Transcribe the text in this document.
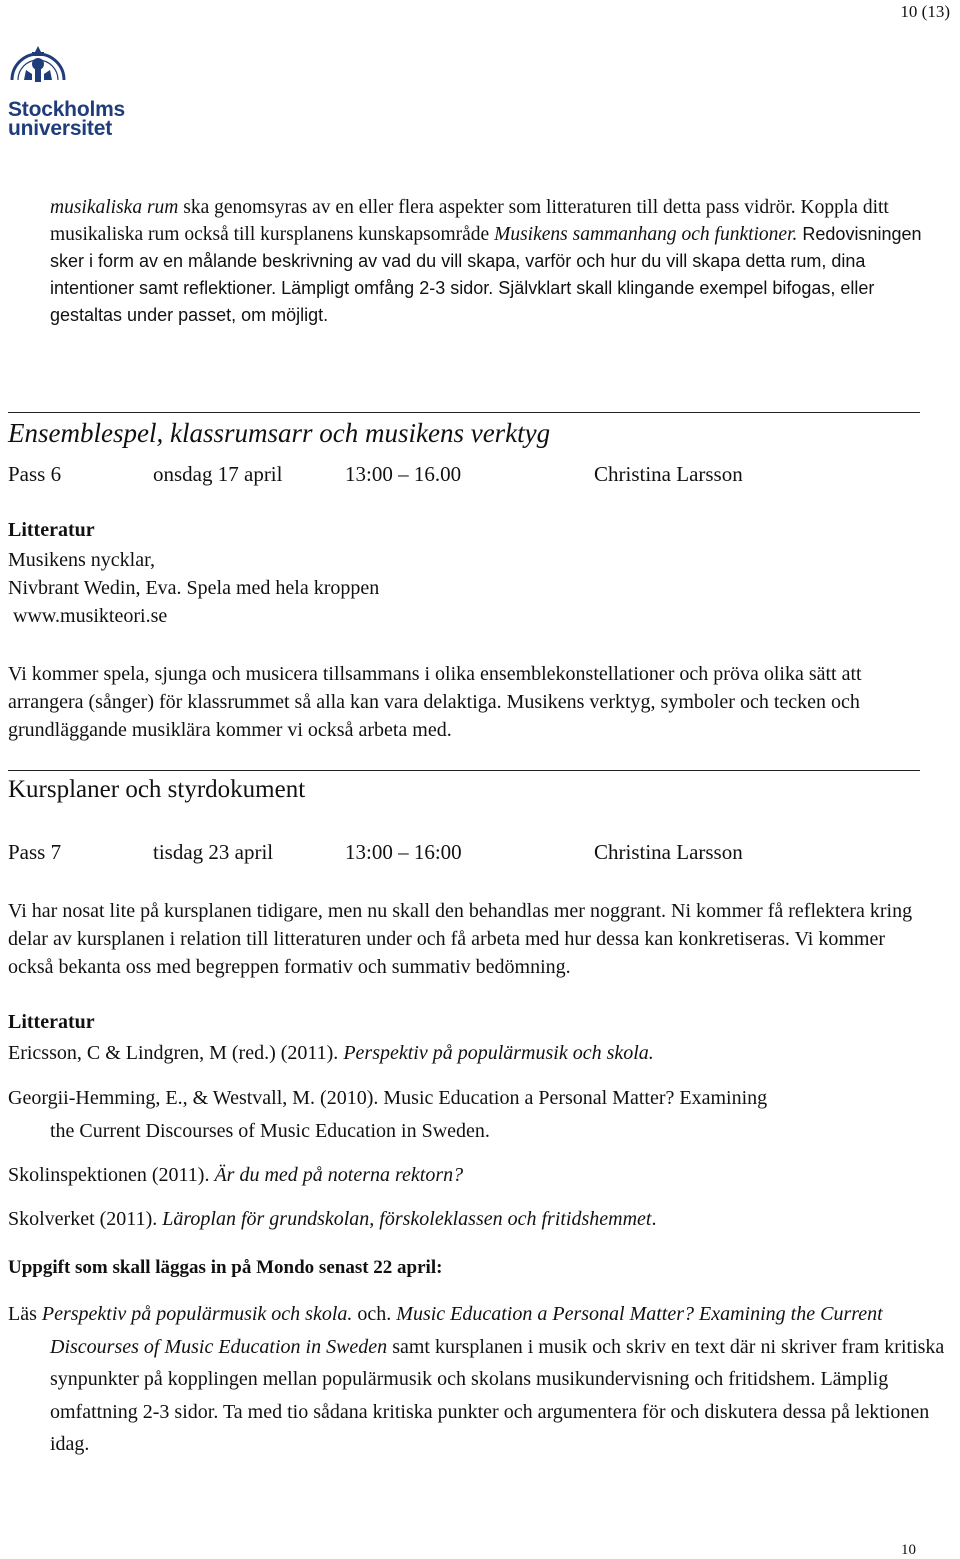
10 (13)
Stockholms
universitet
musikaliska rum ska genomsyras av en eller flera aspekter som litteraturen till detta pass vidrör. Koppla ditt musikaliska rum också till kursplanens kunskapsområde Musikens sammanhang och funktioner. Redovisningen sker i form av en målande beskrivning av vad du vill skapa, varför och hur du vill skapa detta rum, dina intentioner samt reflektioner. Lämpligt omfång 2-3 sidor. Självklart skall klingande exempel bifogas, eller gestaltas under passet, om möjligt.
Ensemblespel, klassrumsarr och musikens verktyg
Pass 6	onsdag 17 april	13:00 – 16.00	Christina Larsson
Litteratur
Musikens nycklar,
Nivbrant Wedin, Eva. Spela med hela kroppen
www.musikteori.se
Vi kommer spela, sjunga och musicera tillsammans i olika ensemblekonstellationer och pröva olika sätt att arrangera (sånger) för klassrummet så alla kan vara delaktiga. Musikens verktyg, symboler och tecken och grundläggande musiklära kommer vi också arbeta med.
Kursplaner och styrdokument
Pass 7	tisdag 23 april	13:00 – 16:00	Christina Larsson
Vi har nosat lite på kursplanen tidigare, men nu skall den behandlas mer noggrant. Ni kommer få reflektera kring delar av kursplanen i relation till litteraturen under och få arbeta med hur dessa kan konkretiseras. Vi kommer också bekanta oss med begreppen formativ och summativ bedömning.
Litteratur
Ericsson, C & Lindgren, M (red.) (2011). Perspektiv på populärmusik och skola.
Georgii-Hemming, E., & Westvall, M. (2010). Music Education a Personal Matter? Examining
the Current Discourses of Music Education in Sweden.
Skolinspektionen (2011). Är du med på noterna rektorn?
Skolverket (2011). Läroplan för grundskolan, förskoleklassen och fritidshemmet.
Uppgift som skall läggas in på Mondo senast 22 april:
Läs Perspektiv på populärmusik och skola. och. Music Education a Personal Matter? Examining the Current Discourses of Music Education in Sweden samt kursplanen i musik och skriv en text där ni skriver fram kritiska synpunkter på kopplingen mellan populärmusik och skolans musikundervisning och fritidshem. Lämplig omfattning 2-3 sidor. Ta med tio sådana kritiska punkter och argumentera för och diskutera dessa på lektionen idag.
10
